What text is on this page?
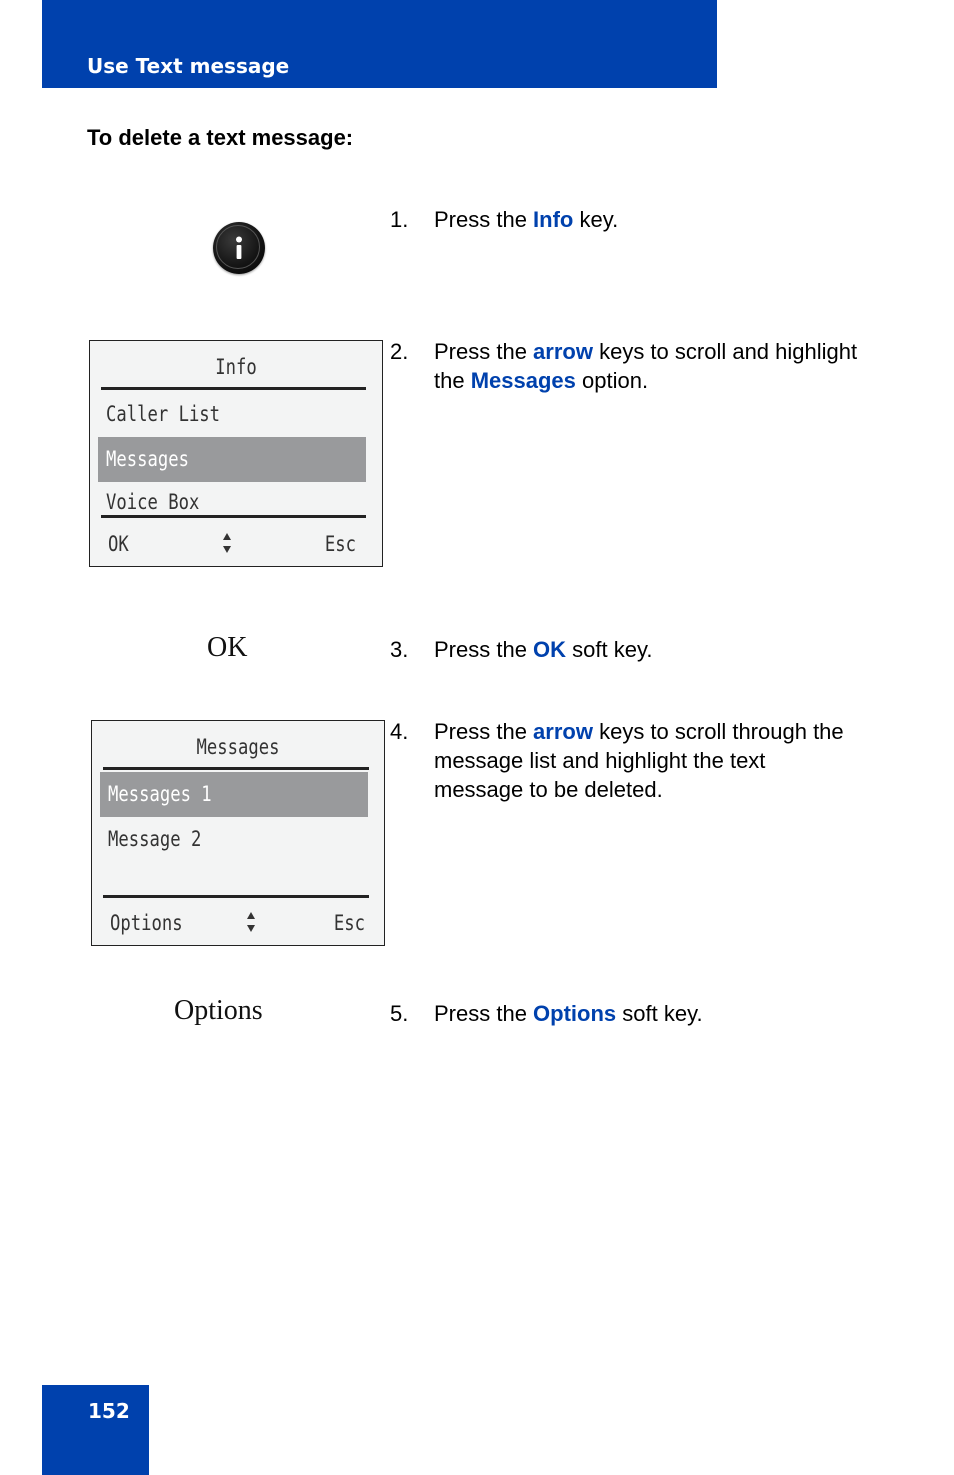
Use Text message
To delete a text message:
1. Press the Info key.
Info
Caller List
Messages
Voice Box
OK	Esc
2. Press the arrow keys to scroll and highlight the Messages option.
OK	3. Press the OK soft key.
Messages
Messages 1
Message 2
Options	Esc
4. Press the arrow keys to scroll through the message list and highlight the text message to be deleted.
Options	5. Press the Options soft key.
152
